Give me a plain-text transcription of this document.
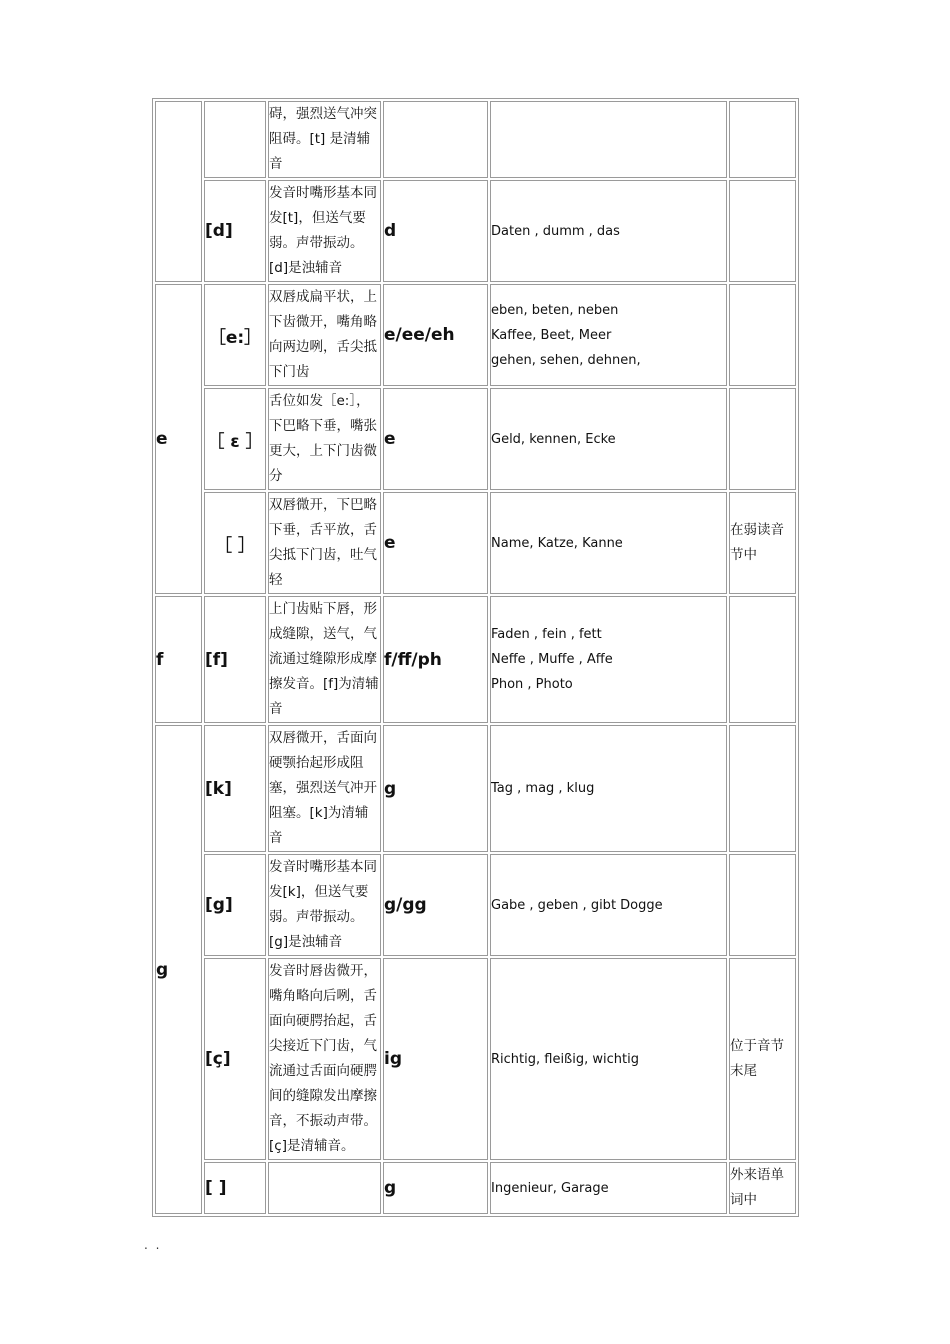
		碍，强烈送气冲突阻碍。[t] 是清辅音			
	[d]	发音时嘴形基本同发[t]，但送气要弱。声带振动。[d]是浊辅音	d	Daten , dumm , das	

e	［e:］	双唇成扁平状，上下齿微开，嘴角略向两边咧，舌尖抵下门齿	e/ee/eh	eben, beten, neben
Kaffee, Beet, Meer
gehen, sehen, dehnen,	

	［ ε ］	舌位如发［e:］，下巴略下垂，嘴张更大，上下门齿微分	e	Geld, kennen, Ecke	

	［ ］	双唇微开，下巴略下垂，舌平放，舌尖抵下门齿，吐气轻	e	Name, Katze, Kanne	在弱读音节中
f	[f]	上门齿贴下唇，形成缝隙，送气，气流通过缝隙形成摩擦发音。[f]为清辅音	f/ff/ph	Faden , fein , fett
Neffe , Muffe , Affe
Phon , Photo	

g	[k]	双唇微开，舌面向硬颚抬起形成阻塞，强烈送气冲开阻塞。[k]为清辅音	g	Tag , mag , klug	

	[g]	发音时嘴形基本同发[k]，但送气要弱。声带振动。[g]是浊辅音	g/gg	Gabe , geben , gibt Dogge	

	[ç]	发音时唇齿微开，嘴角略向后咧，舌面向硬腭抬起，舌尖接近下门齿，气流通过舌面向硬腭间的缝隙发出摩擦音，不振动声带。[ç]是清辅音。	ig	Richtig, fleißig, wichtig	位于音节末尾
	[ ]		g	Ingenieur, Garage	外来语单词中
. .
